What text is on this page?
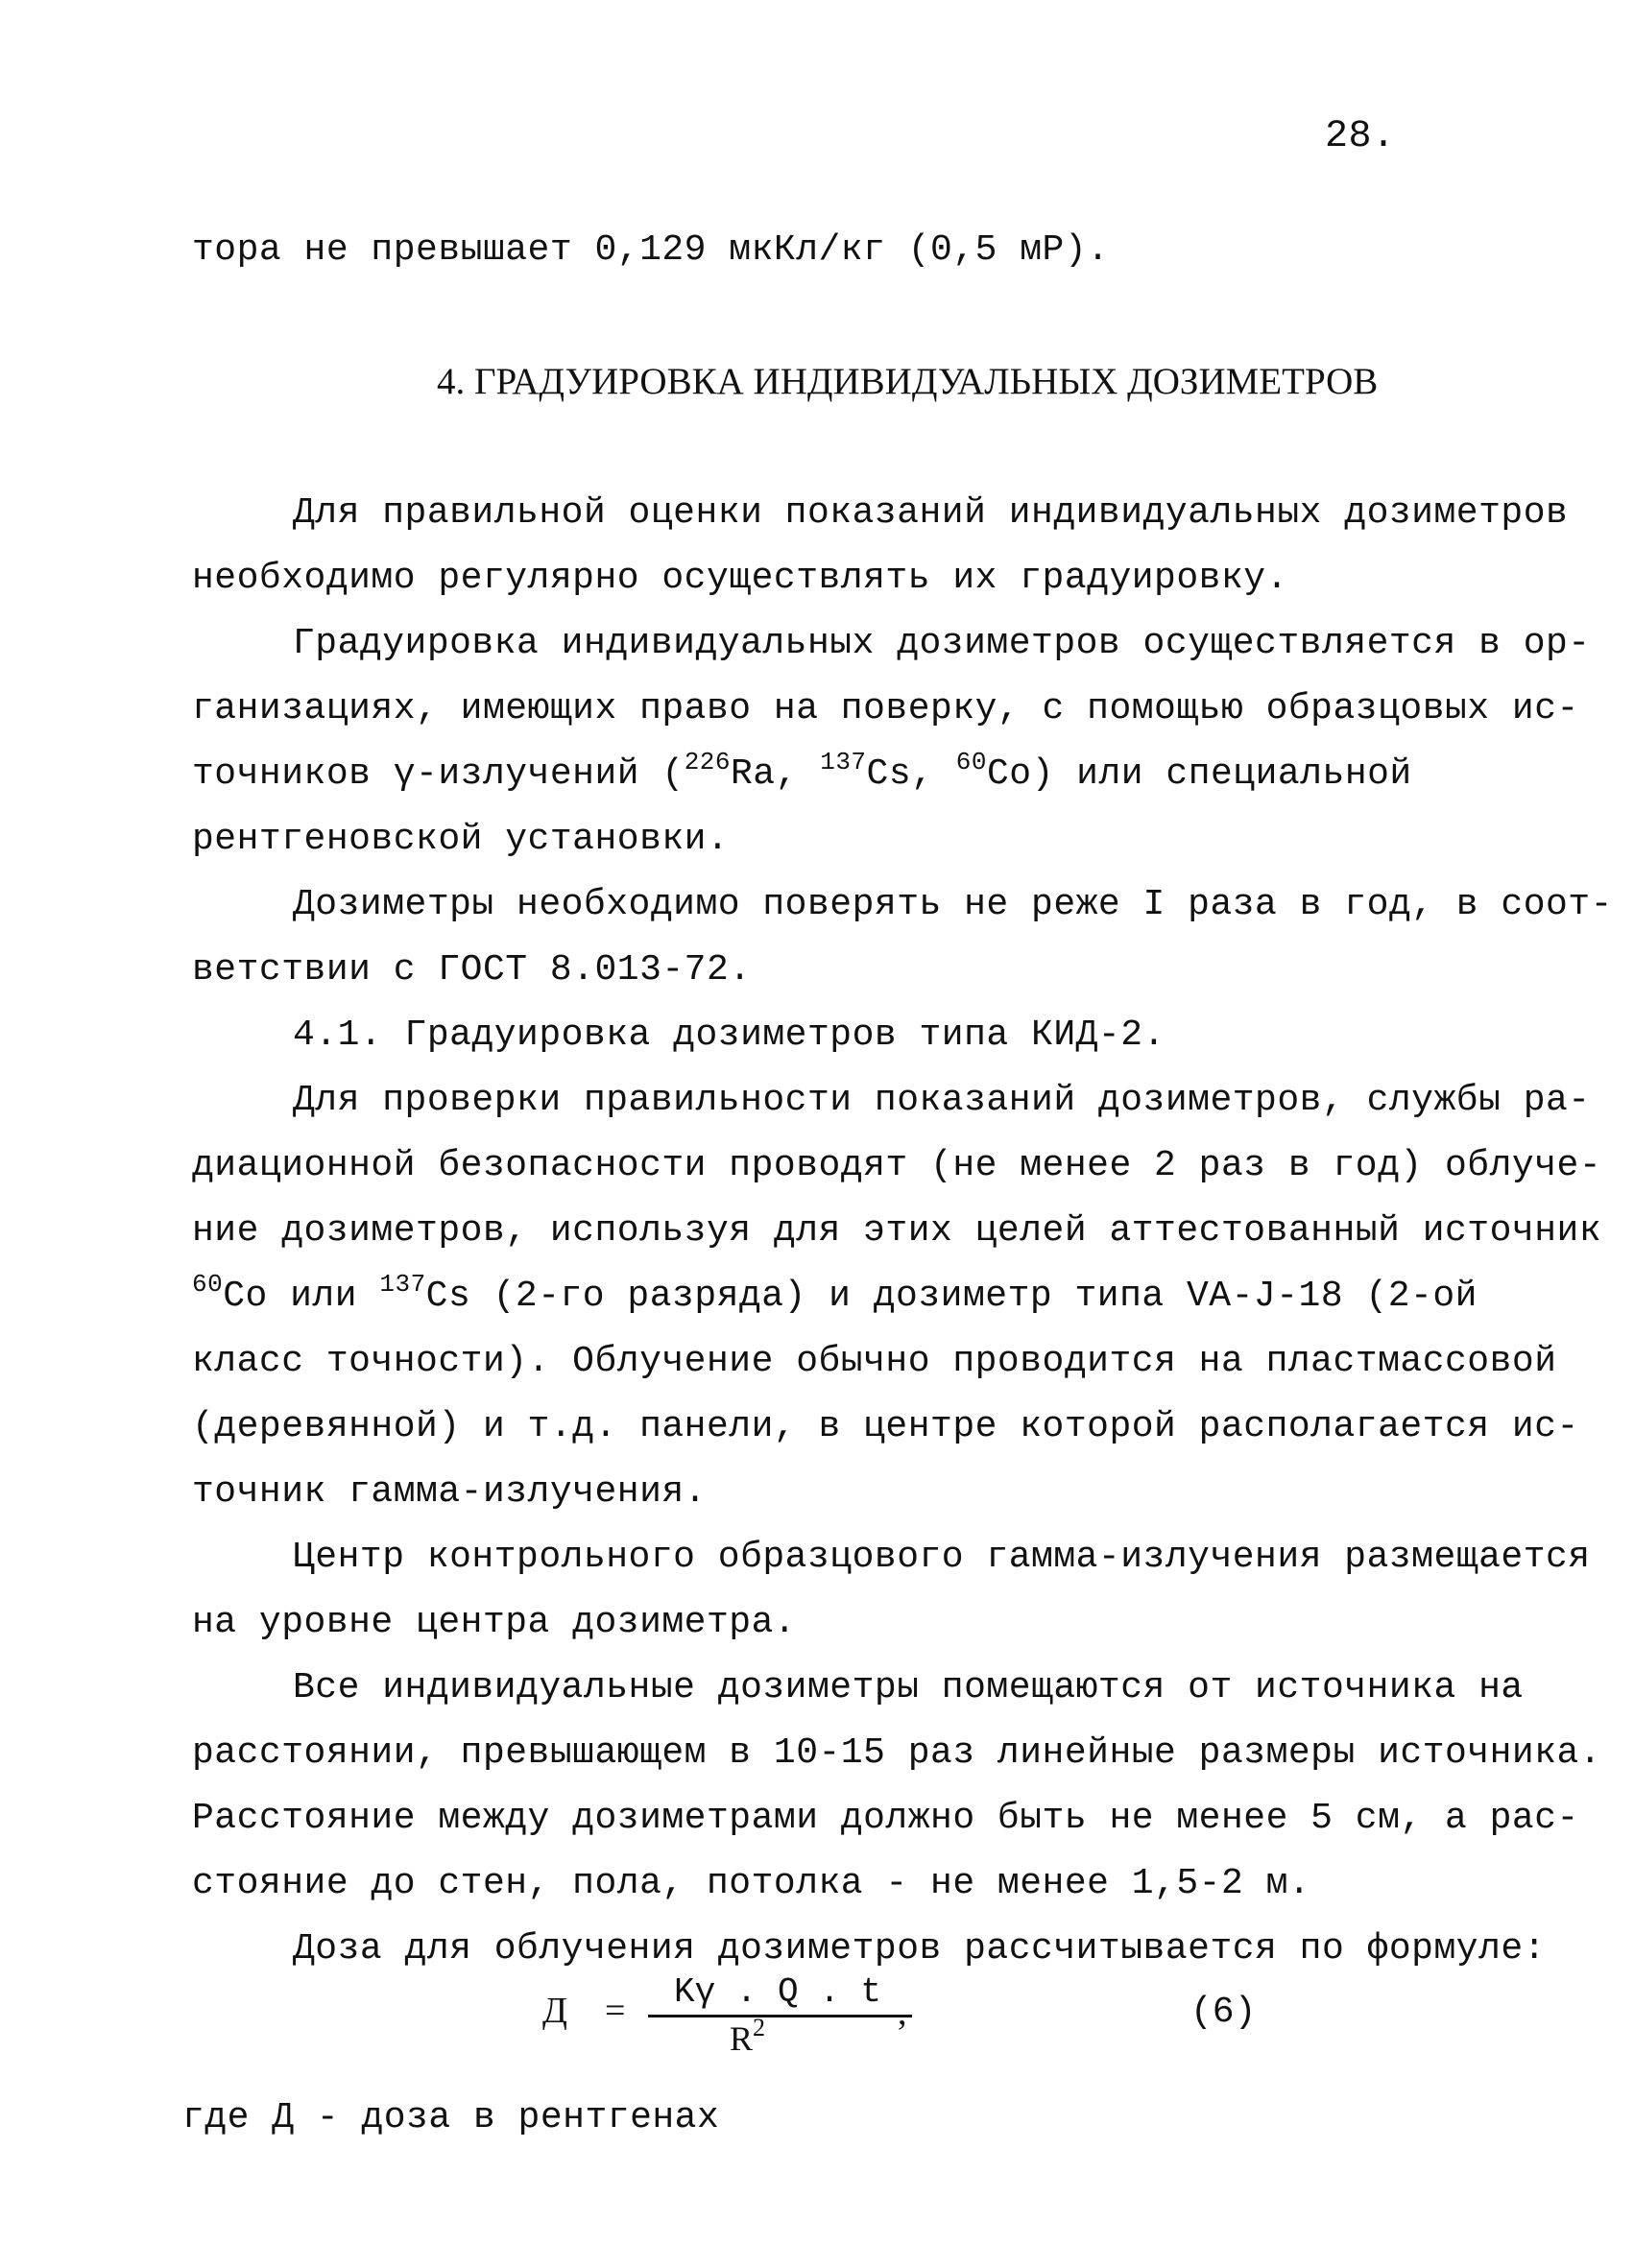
28.
тора не превышает 0,129 мкКл/кг (0,5 мР).
4. ГРАДУИРОВКА ИНДИВИДУАЛЬНЫХ ДОЗИМЕТРОВ
Для правильной оценки показаний индивидуальных дозиметров
необходимо регулярно осуществлять их градуировку.
Градуировка индивидуальных дозиметров осуществляется в ор-
ганизациях, имеющих право на поверку, с помощью образцовых ис-
точников γ-излучений ($^{226}$Ra, $^{137}$Cs, $^{60}$Co) или специальной
рентгеновской установки.
Дозиметры необходимо поверять не реже I раза в год, в соот-
ветствии с ГОСТ 8.013-72.
4.1. Градуировка дозиметров типа КИД-2.
Для проверки правильности показаний дозиметров, службы ра-
диационной безопасности проводят (не менее 2 раз в год) облуче-
ние дозиметров, используя для этих целей аттестованный источник
$^{60}$Co или $^{137}$Cs (2-го разряда) и дозиметр типа VA-J-18 (2-ой
класс точности). Облучение обычно проводится на пластмассовой
(деревянной) и т.д. панели, в центре которой располагается ис-
точник гамма-излучения.
Центр контрольного образцового гамма-излучения размещается
на уровне центра дозиметра.
Все индивидуальные дозиметры помещаются от источника на
расстоянии, превышающем в 10-15 раз линейные размеры источника.
Расстояние между дозиметрами должно быть не менее 5 см, а рас-
стояние до стен, пола, потолка - не менее 1,5-2 м.
Доза для облучения дозиметров рассчитывается по формуле:
Д =	Kγ . Q . t
$R^2$	,	(6)
где Д - доза в рентгенах
